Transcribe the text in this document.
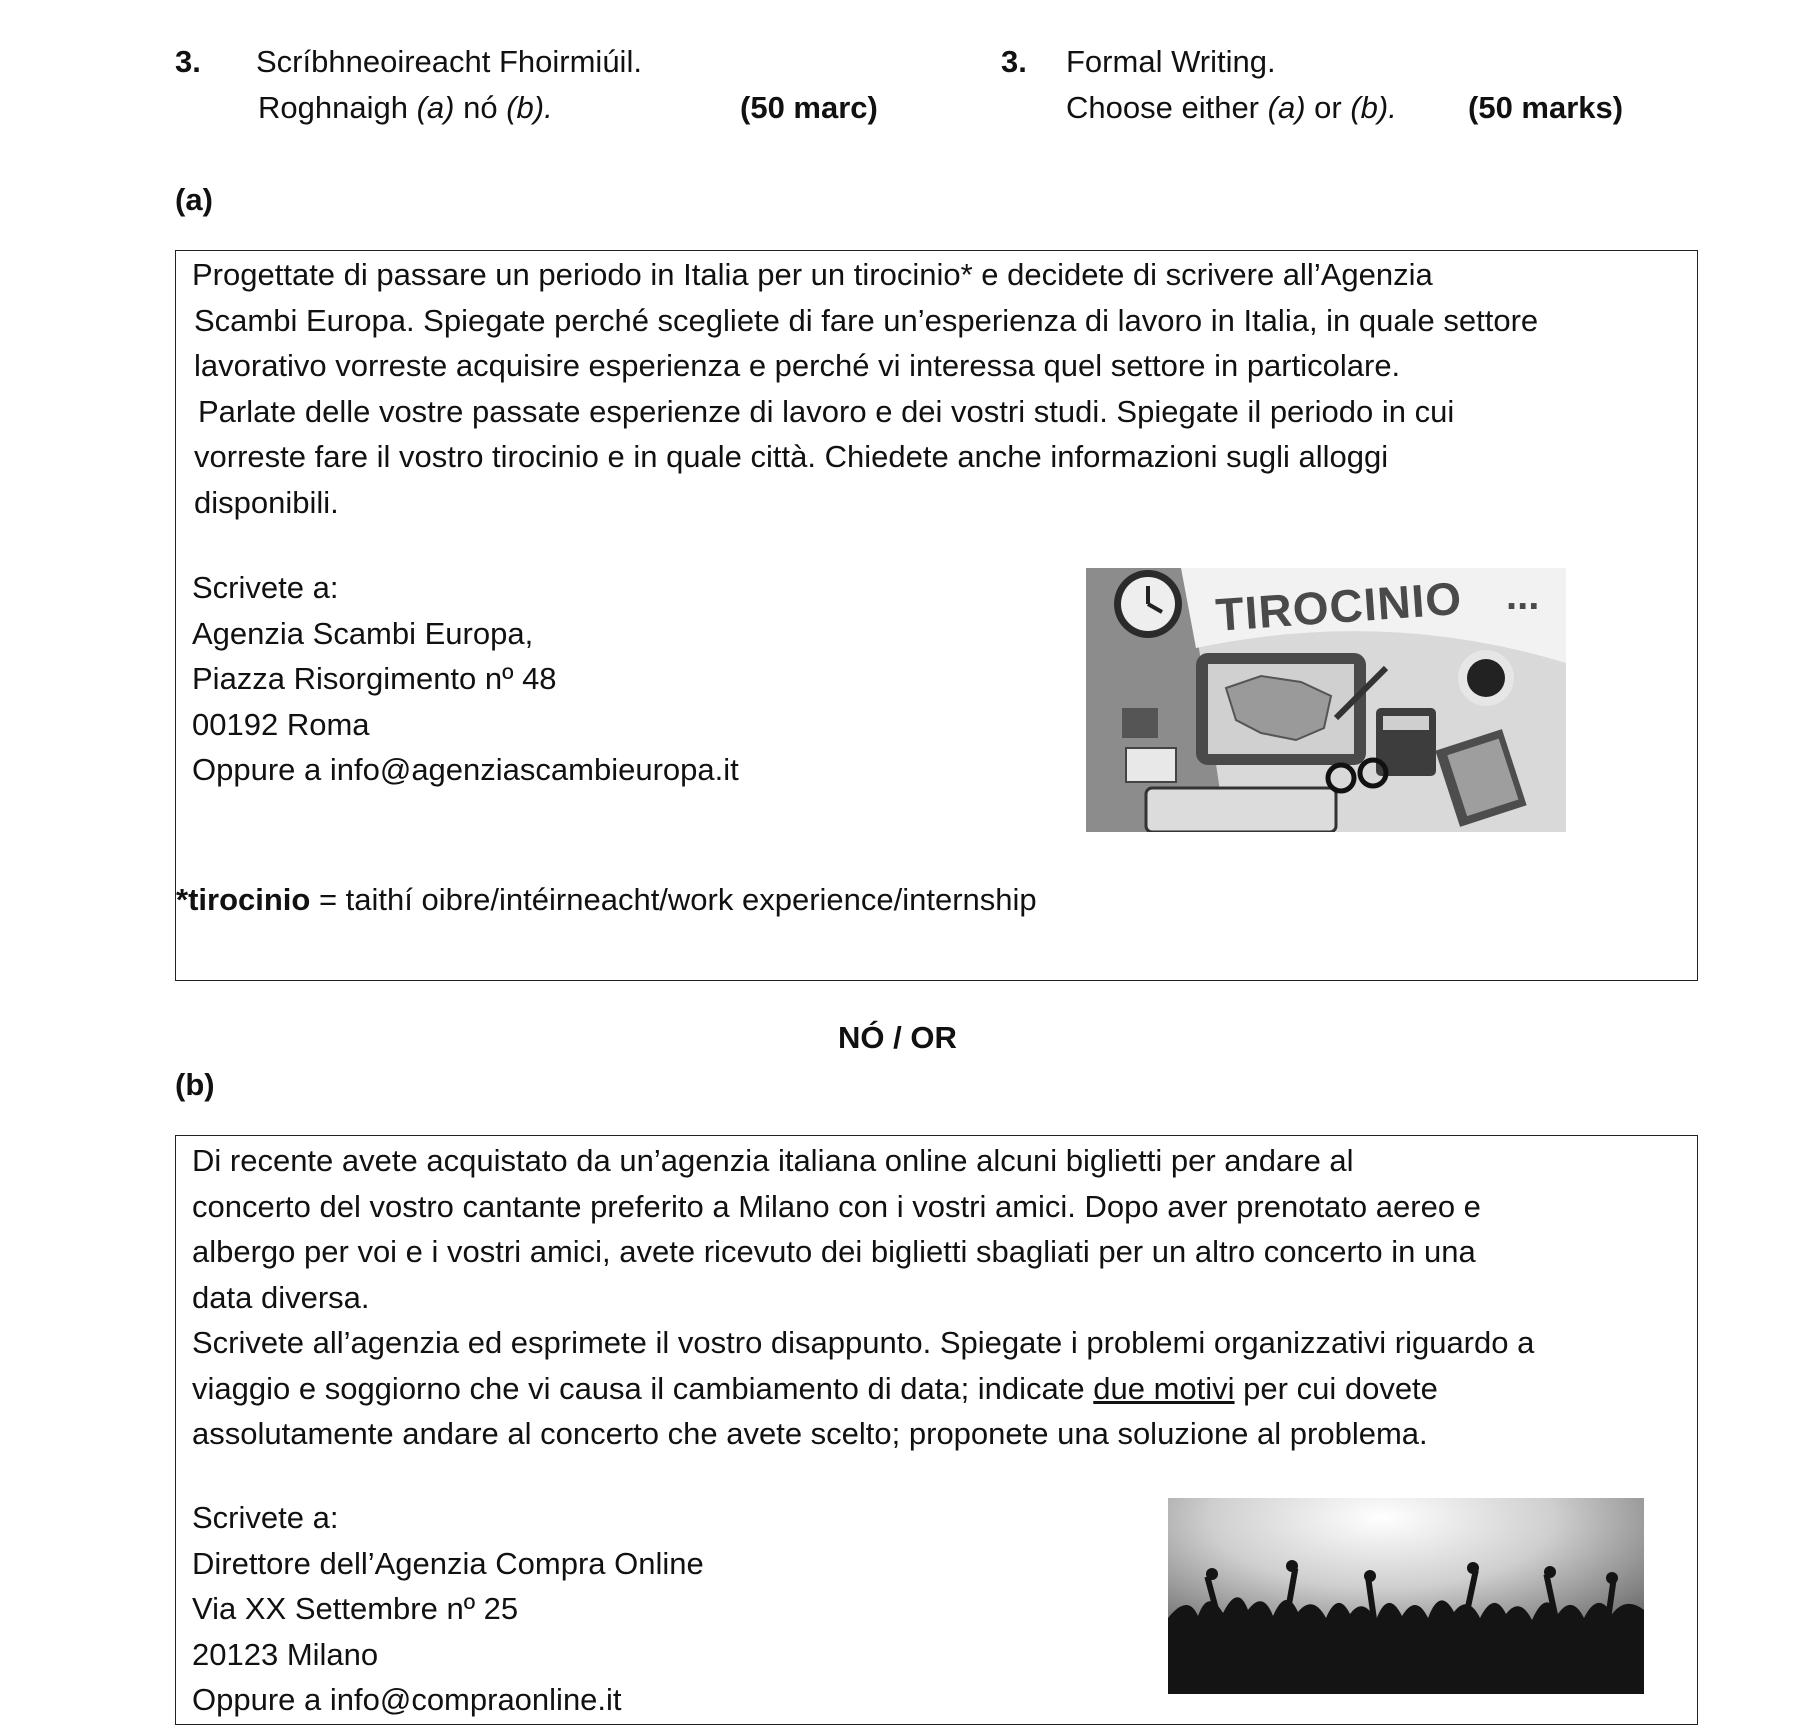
3. Scríbhneoireacht Fhoirmiúil.
Roghnaigh (a) nó (b).	(50 marc)
3. Formal Writing.
Choose either (a) or (b). (50 marks)
(a)
Progettate di passare un periodo in Italia per un tirocinio* e decidete di scrivere all’Agenzia
Scambi Europa. Spiegate perché scegliete di fare un’esperienza di lavoro in Italia, in quale settore
lavorativo vorreste acquisire esperienza e perché vi interessa quel settore in particolare.
Parlate delle vostre passate esperienze di lavoro e dei vostri studi. Spiegate il periodo in cui
vorreste fare il vostro tirocinio e in quale città. Chiedete anche informazioni sugli alloggi
disponibili.
Scrivete a:
Agenzia Scambi Europa,
Piazza Risorgimento nº 48
00192 Roma
Oppure a info@agenziascambieuropa.it
TIROCINIO ...
*tirocinio = taithí oibre/intéirneacht/work experience/internship
NÓ / OR
(b)
Di recente avete acquistato da un’agenzia italiana online alcuni biglietti per andare al
concerto del vostro cantante preferito a Milano con i vostri amici. Dopo aver prenotato aereo e
albergo per voi e i vostri amici, avete ricevuto dei biglietti sbagliati per un altro concerto in una
data diversa.
Scrivete all’agenzia ed esprimete il vostro disappunto. Spiegate i problemi organizzativi riguardo a
viaggio e soggiorno che vi causa il cambiamento di data; indicate due motivi per cui dovete
assolutamente andare al concerto che avete scelto; proponete una soluzione al problema.
Scrivete a:
Direttore dell’Agenzia Compra Online
Via XX Settembre nº 25
20123 Milano
Oppure a info@compraonline.it
